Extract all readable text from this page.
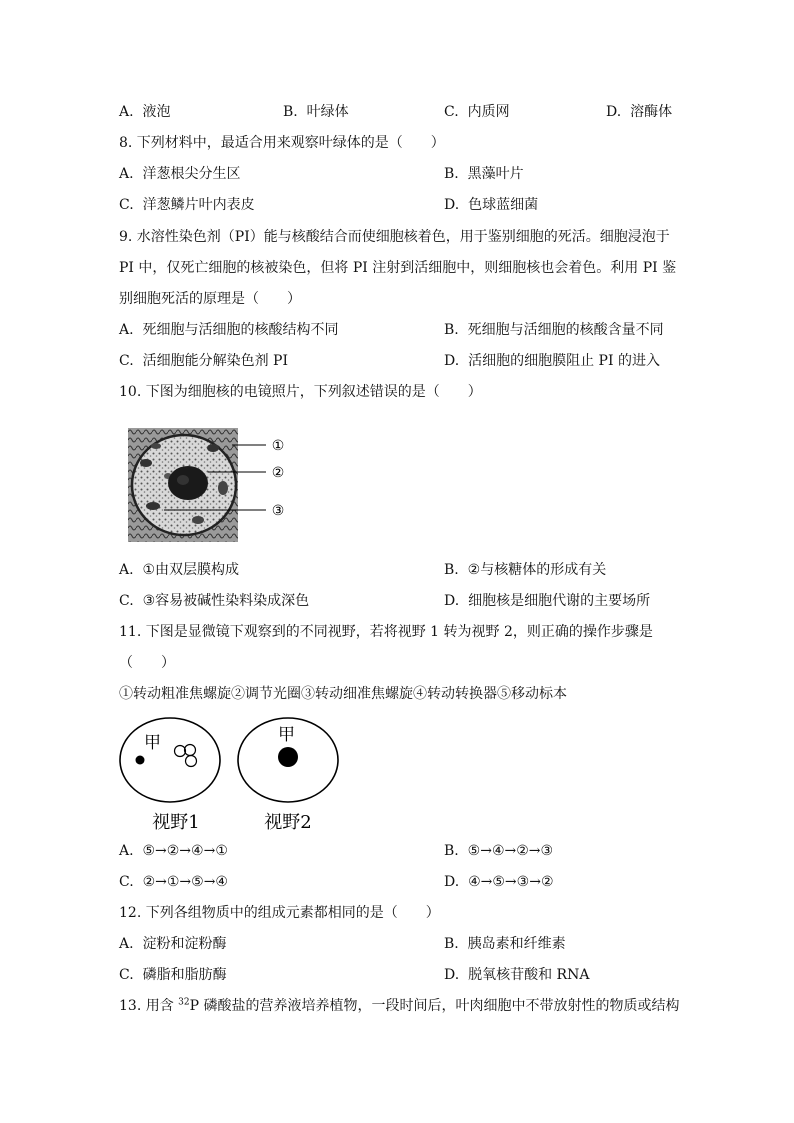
A. 液泡	B. 叶绿体	C. 内质网	D. 溶酶体
8. 下列材料中，最适合用来观察叶绿体的是（　　）
A. 洋葱根尖分生区	B. 黑藻叶片
C. 洋葱鳞片叶内表皮	D. 色球蓝细菌
9. 水溶性染色剂（PI）能与核酸结合而使细胞核着色，用于鉴别细胞的死活。细胞浸泡于
PI 中，仅死亡细胞的核被染色，但将 PI 注射到活细胞中，则细胞核也会着色。利用 PI 鉴
别细胞死活的原理是（　　）
A. 死细胞与活细胞的核酸结构不同	B. 死细胞与活细胞的核酸含量不同
C. 活细胞能分解染色剂 PI	D. 活细胞的细胞膜阻止 PI 的进入
10. 下图为细胞核的电镜照片，下列叙述错误的是（　　）
①
②
③
A. ①由双层膜构成	B. ②与核糖体的形成有关
C. ③容易被碱性染料染成深色	D. 细胞核是细胞代谢的主要场所
11. 下图是显微镜下观察到的不同视野，若将视野 1 转为视野 2，则正确的操作步骤是
（　　）
①转动粗准焦螺旋②调节光圈③转动细准焦螺旋④转动转换器⑤移动标本
甲	甲
视野1	视野2
A. ⑤→②→④→①	B. ⑤→④→②→③
C. ②→①→⑤→④	D. ④→⑤→③→②
12. 下列各组物质中的组成元素都相同的是（　　）
A. 淀粉和淀粉酶	B. 胰岛素和纤维素
C. 磷脂和脂肪酶	D. 脱氧核苷酸和 RNA
13. 用含 $^{32}$P 磷酸盐的营养液培养植物，一段时间后，叶肉细胞中不带放射性的物质或结构
